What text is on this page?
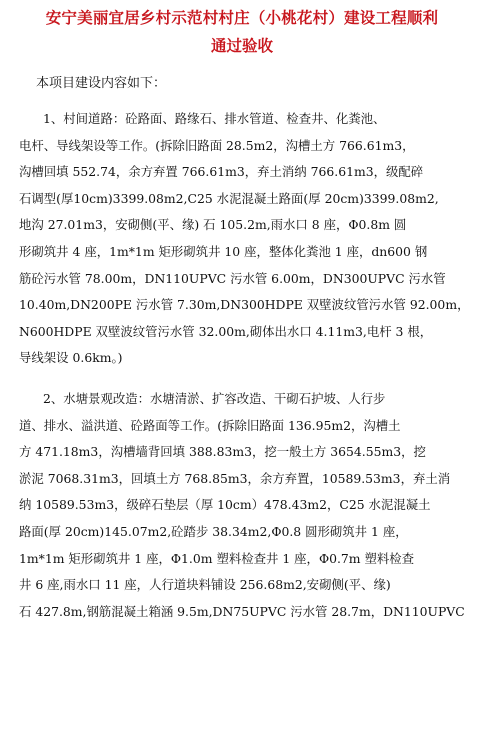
安宁美丽宜居乡村示范村村庄（小桃花村）建设工程顺利
通过验收
本项目建设内容如下：
1、村间道路：砼路面、路缘石、排水管道、检查井、化粪池、
电杆、导线架设等工作。(拆除旧路面 28.5m2，沟槽土方 766.61m3，
沟槽回填 552.74，余方弃置 766.61m3，弃土消纳 766.61m3，级配碎
石调型(厚10cm)3399.08m2,C25 水泥混凝土路面(厚 20cm)3399.08m2,
地沟 27.01m3，安砌侧(平、缘) 石 105.2m,雨水口 8 座，Φ0.8m 圆
形砌筑井 4 座，1m*1m 矩形砌筑井 10 座，整体化粪池 1 座，dn600 钢
筋砼污水管 78.00m，DN110UPVC 污水管 6.00m，DN300UPVC 污水管
10.40m,DN200PE 污水管 7.30m,DN300HDPE 双壁波纹管污水管 92.00m，
N600HDPE 双壁波纹管污水管 32.00m,砌体出水口 4.11m3,电杆 3 根，
导线架设 0.6km。)
2、水塘景观改造：水塘清淤、扩容改造、干砌石护坡、人行步
道、排水、溢洪道、砼路面等工作。(拆除旧路面 136.95m2，沟槽土
方 471.18m3，沟槽墙背回填 388.83m3，挖一般土方 3654.55m3，挖
淤泥 7068.31m3，回填土方 768.85m3，余方弃置，10589.53m3，弃土消
纳 10589.53m3，级碎石垫层（厚 10cm）478.43m2，C25 水泥混凝土
路面(厚 20cm)145.07m2,砼踏步 38.34m2,Φ0.8 圆形砌筑井 1 座，
1m*1m 矩形砌筑井 1 座，Φ1.0m 塑料检查井 1 座，Φ0.7m 塑料检查
井 6 座,雨水口 11 座，人行道块料铺设 256.68m2,安砌侧(平、缘)
石 427.8m,钢筋混凝土箱涵 9.5m,DN75UPVC 污水管 28.7m，DN110UPVC
